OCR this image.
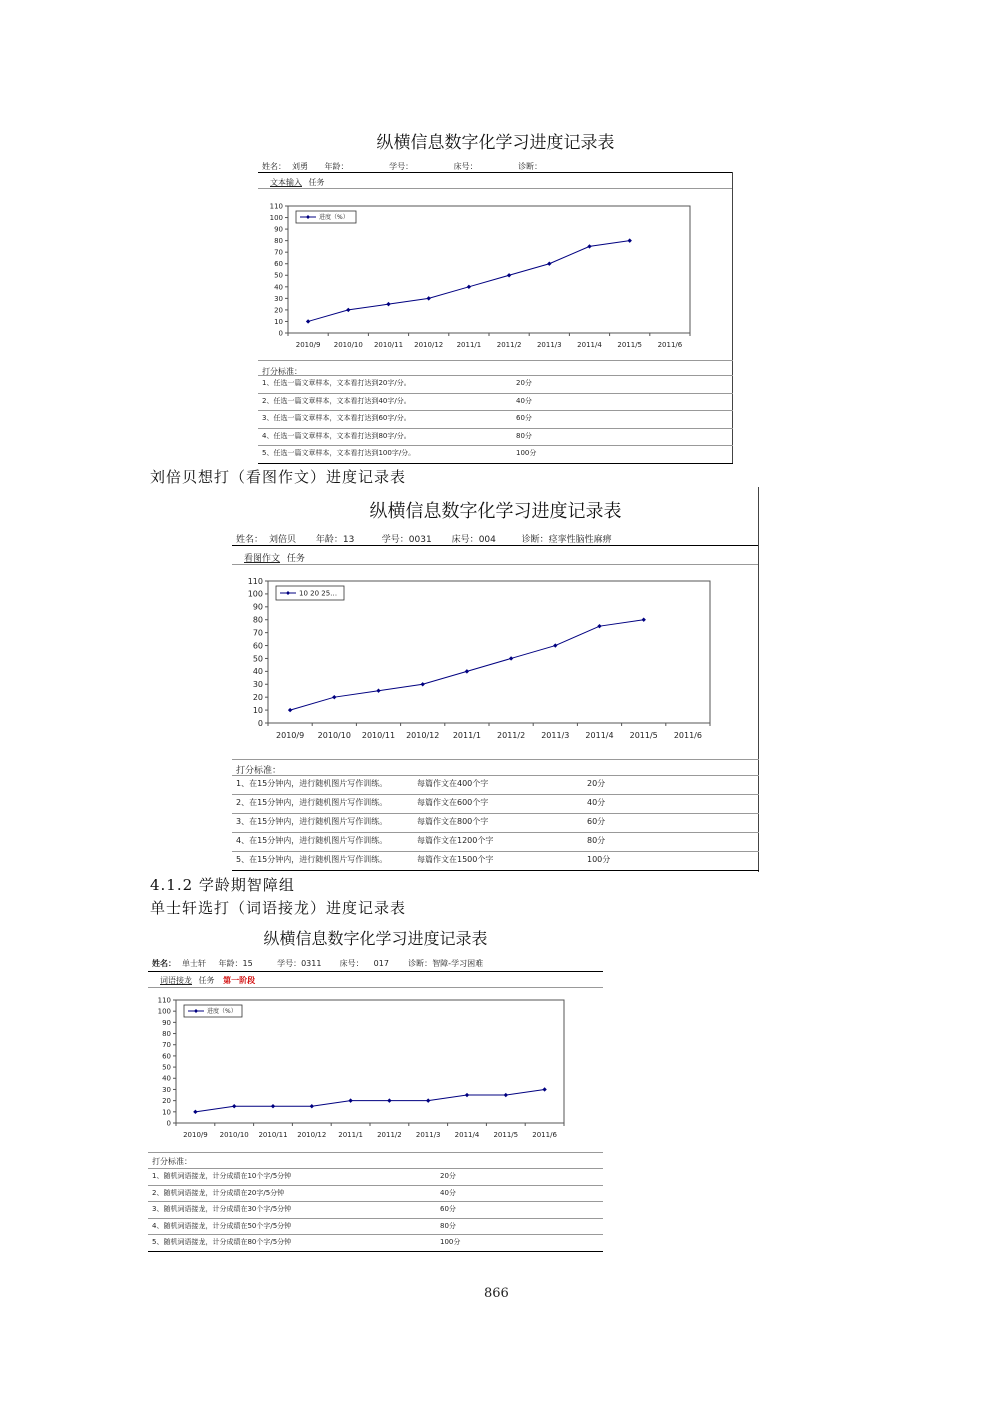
纵横信息数字化学习进度记录表
姓名： 刘勇 年龄：	学号：	床号：	诊断：
文本输入 任务
0
10
20
30
40
50
60
70
80
90
100
110
2010/9 2010/10 2010/11 2010/12 2011/1 2011/2 2011/3 2011/4 2011/5 2011/6
进度（%）
打分标准：
1、任选一篇文章样本，文本看打达到20字/分。	20分
2、任选一篇文章样本，文本看打达到40字/分。	40分
3、任选一篇文章样本，文本看打达到60字/分。	60分
4、任选一篇文章样本，文本看打达到80字/分。	80分
5、任选一篇文章样本，文本看打达到100字/分。	100分
刘倍贝想打（看图作文）进度记录表
纵横信息数字化学习进度记录表
姓名： 刘倍贝 年龄：13	学号：0031 床号：004	诊断：痉挛性脑性麻痹
看图作文 任务
0
10
20
30
40
50
60
70
80
90
100
110
2010/9 2010/10 2010/11 2010/12 2011/1 2011/2 2011/3 2011/4 2011/5 2011/6
10 20 25…
打分标准：
1、在15分钟内，进行随机图片写作训练。	每篇作文在400个字	20分
2、在15分钟内，进行随机图片写作训练。	每篇作文在600个字	40分
3、在15分钟内，进行随机图片写作训练。	每篇作文在800个字	60分
4、在15分钟内，进行随机图片写作训练。	每篇作文在1200个字	80分
5、在15分钟内，进行随机图片写作训练。	每篇作文在1500个字	100分
4.1.2 学龄期智障组
单士轩选打（词语接龙）进度记录表
纵横信息数字化学习进度记录表
姓名： 单士轩 年龄：15	学号：0311 床号： 017 诊断：智障-学习困难
词语接龙 任务 第一阶段
0
10
20
30
40
50
60
70
80
90
100
110
2010/9 2010/10 2010/11 2010/12 2011/1 2011/2 2011/3 2011/4 2011/5 2011/6
进度（%）
打分标准：
1、随机词语接龙，计分成绩在10个字/5分钟	20分
2、随机词语接龙，计分成绩在20字/5分钟	40分
3、随机词语接龙，计分成绩在30个字/5分钟	60分
4、随机词语接龙，计分成绩在50个字/5分钟	80分
5、随机词语接龙，计分成绩在80个字/5分钟	100分
866
